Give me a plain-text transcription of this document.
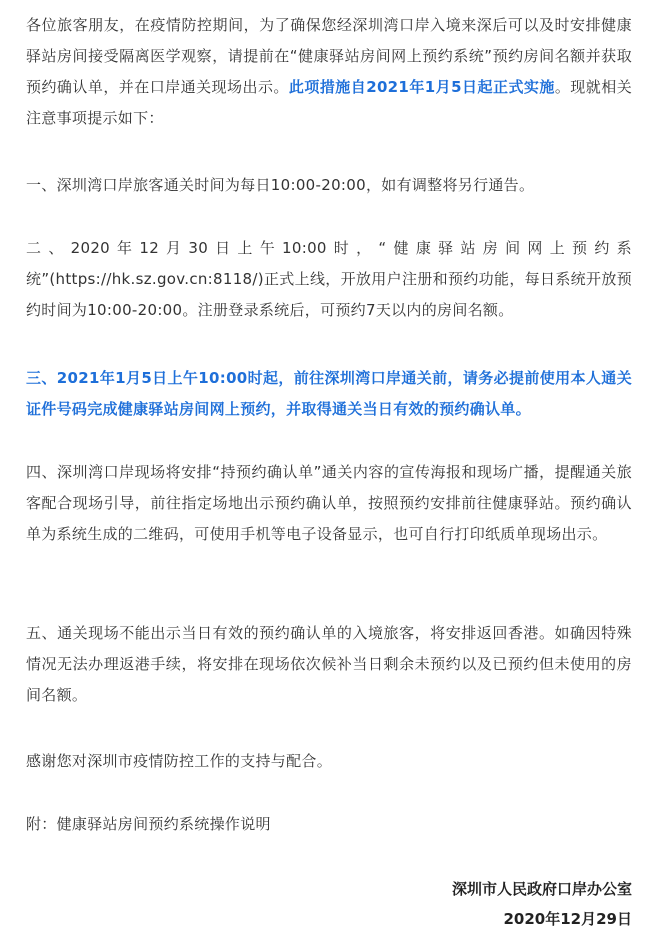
各位旅客朋友，在疫情防控期间，为了确保您经深圳湾口岸入境来深后可以及时安排健康驿站房间接受隔离医学观察，请提前在“健康驿站房间网上预约系统”预约房间名额并获取预约确认单，并在口岸通关现场出示。此项措施自2021年1月5日起正式实施。现就相关注意事项提示如下：

一、深圳湾口岸旅客通关时间为每日10:00-20:00，如有调整将另行通告。

二、2020年12月30日上午10:00时，“健康驿站房间网上预约系统”(https://hk.sz.gov.cn:8118/)正式上线，开放用户注册和预约功能，每日系统开放预约时间为10:00-20:00。注册登录系统后，可预约7天以内的房间名额。

三、2021年1月5日上午10:00时起，前往深圳湾口岸通关前，请务必提前使用本人通关证件号码完成健康驿站房间网上预约，并取得通关当日有效的预约确认单。

四、深圳湾口岸现场将安排“持预约确认单”通关内容的宣传海报和现场广播，提醒通关旅客配合现场引导，前往指定场地出示预约确认单，按照预约安排前往健康驿站。预约确认单为系统生成的二维码，可使用手机等电子设备显示，也可自行打印纸质单现场出示。

五、通关现场不能出示当日有效的预约确认单的入境旅客，将安排返回香港。如确因特殊情况无法办理返港手续，将安排在现场依次候补当日剩余未预约以及已预约但未使用的房间名额。

感谢您对深圳市疫情防控工作的支持与配合。

附：健康驿站房间预约系统操作说明

深圳市人民政府口岸办公室
2020年12月29日
